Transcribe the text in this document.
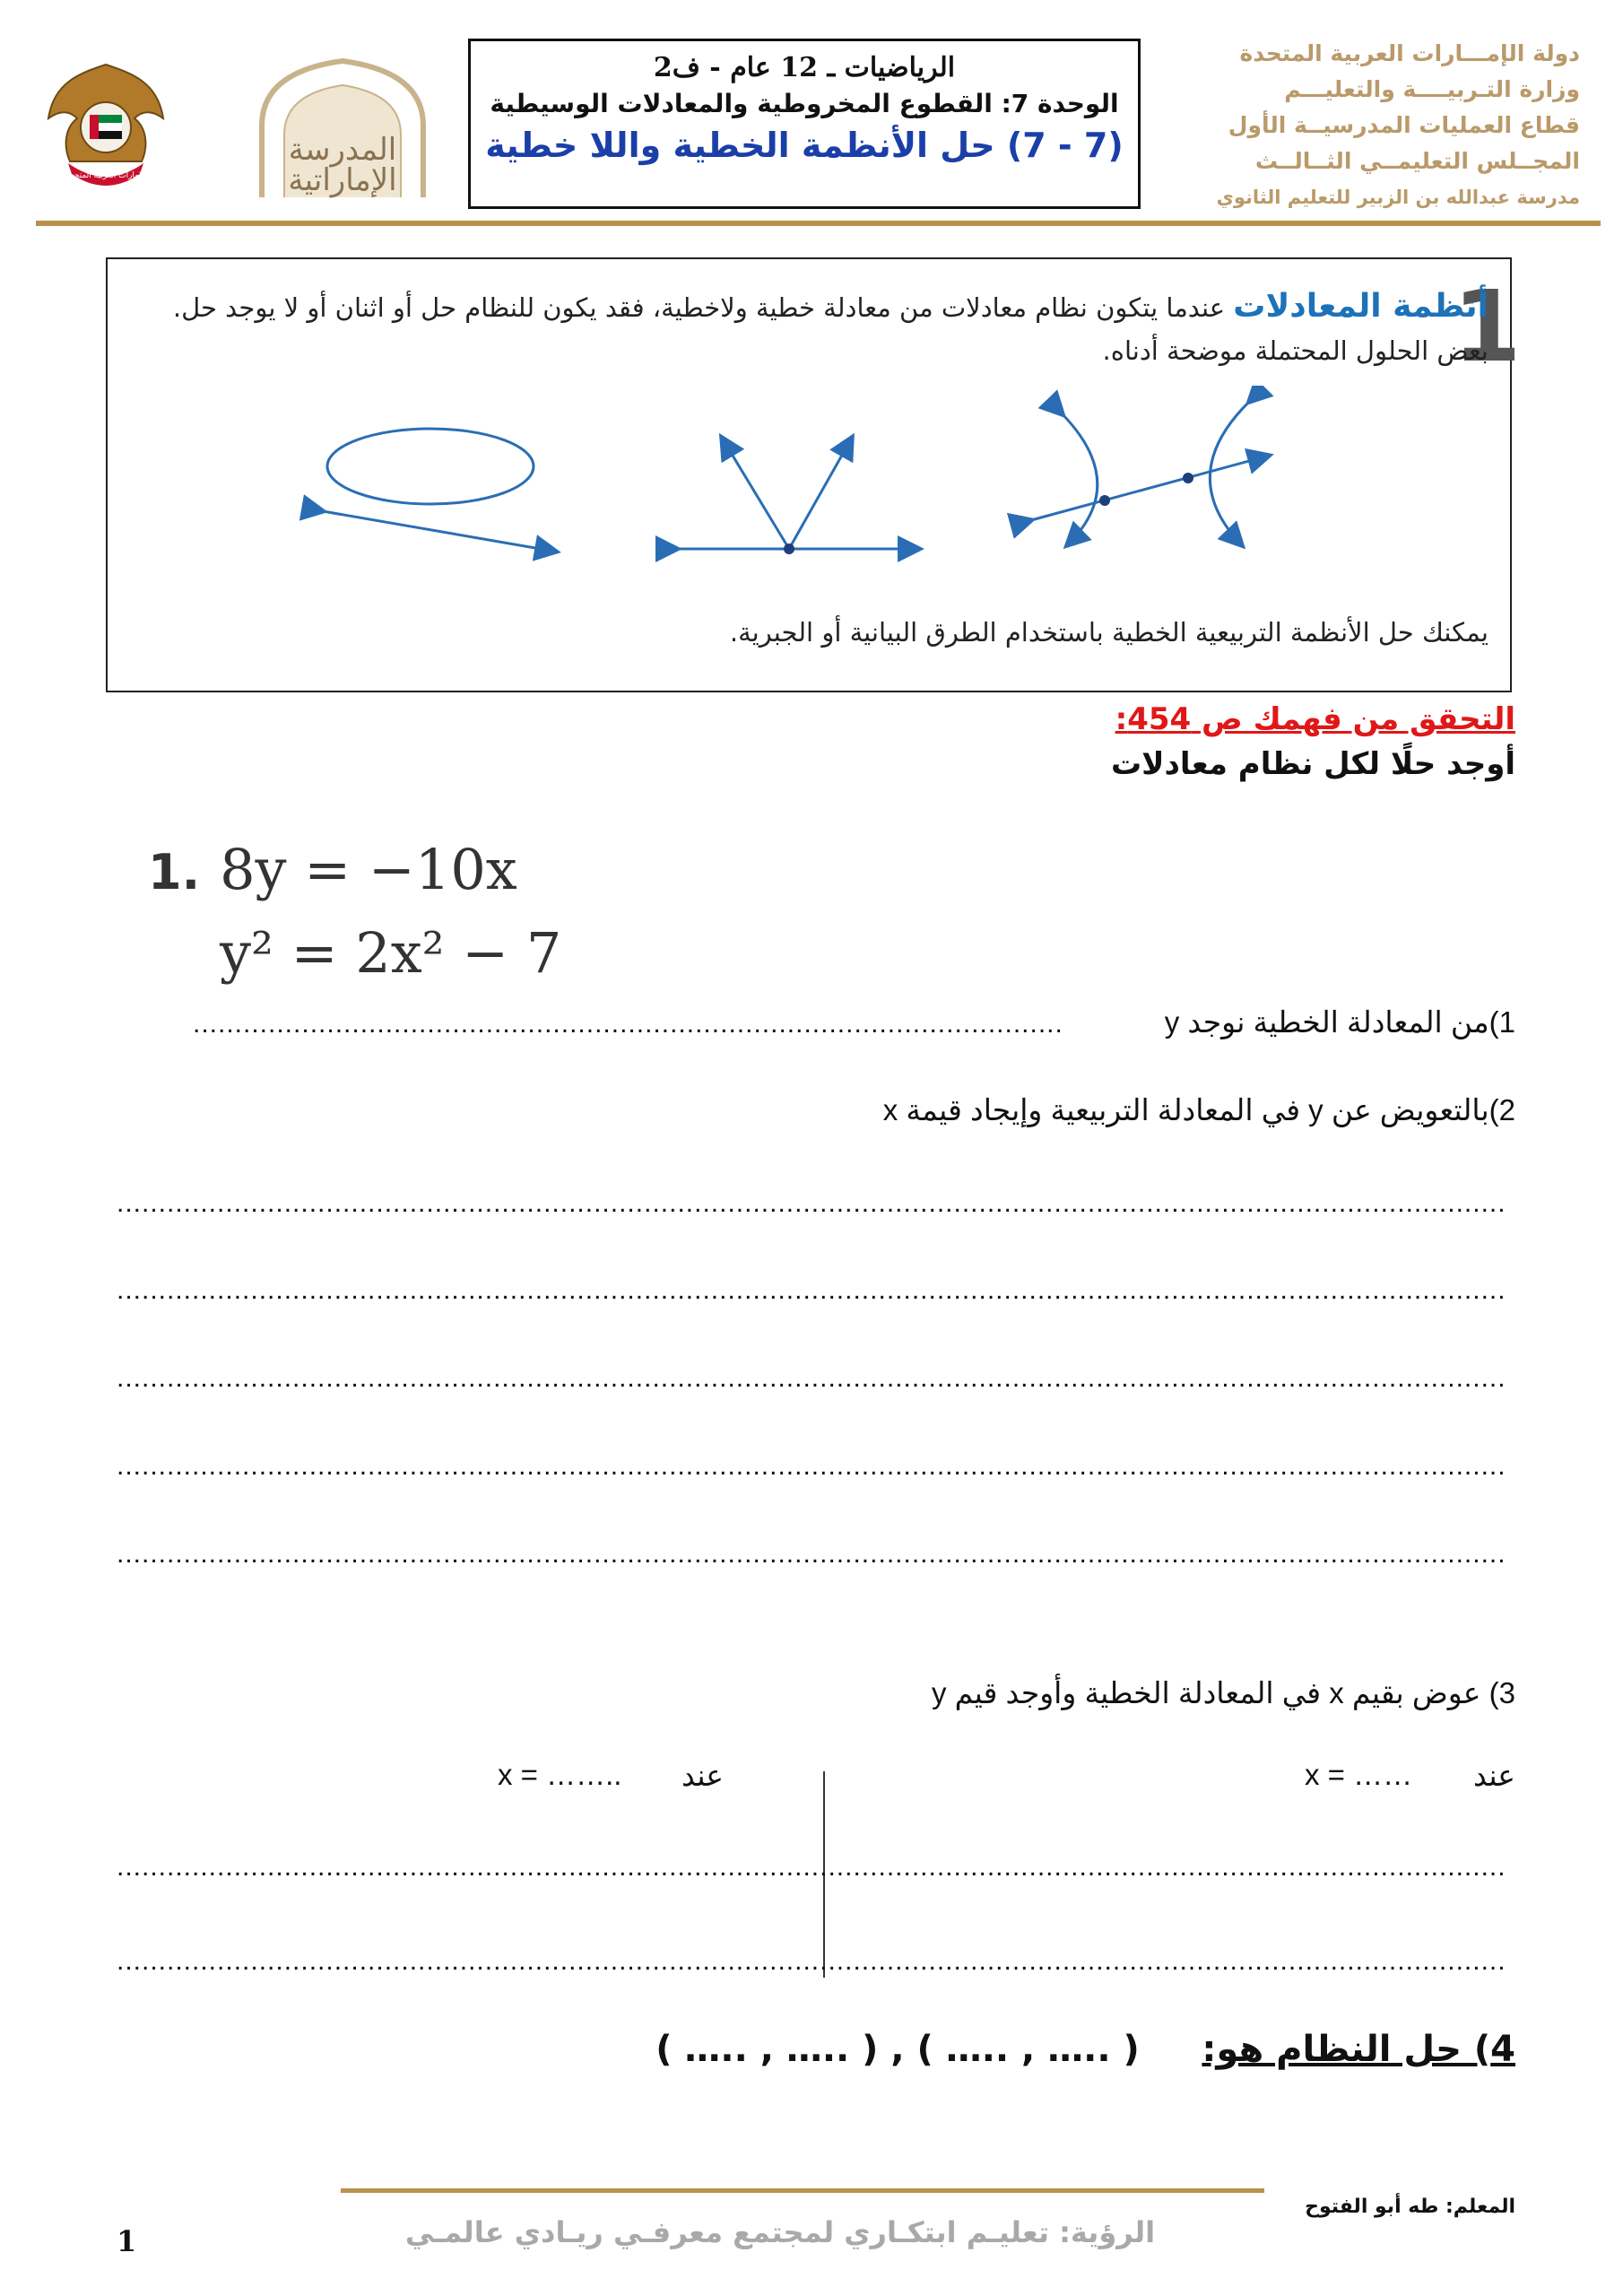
الإمارات العربية المتحدة
المدرسة
الإماراتية
الرياضيات ـ 12 عام - ف2
الوحدة 7: القطوع المخروطية والمعادلات الوسيطية
(7 - 7) حل الأنظمة الخطية واللا خطية
دولة الإمـــارات العربية المتحدة
وزارة التـربيــــة والتعليـــم
قطاع العمليات المدرسيــة الأول
المجــلس التعليمــي الثــالــث
مدرسة عبدالله بن الزبير للتعليم الثانوي
1
أنظمة المعادلات عندما يتكون نظام معادلات من معادلة خطية ولاخطية، فقد يكون للنظام حل أو اثنان أو لا يوجد حل. بعض الحلول المحتملة موضحة أدناه.
يمكنك حل الأنظمة التربيعية الخطية باستخدام الطرق البيانية أو الجبرية.
التحقق من فهمك ص 454:
أوجد حلًا لكل نظام معادلات
1. 8y = −10x
y² = 2x² − 7
1)من المعادلة الخطية نوجد y
........................................................................................................
2)بالتعويض عن y في المعادلة التربيعية وإيجاد قيمة x
......................................................................................................................................................................
......................................................................................................................................................................
......................................................................................................................................................................
......................................................................................................................................................................
......................................................................................................................................................................
3) عوض بقيم x في المعادلة الخطية وأوجد قيم y
عند
x = ……
عند
x = ……..
......................................................................................................................................................................
......................................................................................................................................................................
4) حل النظام هو:     ( ….. , ….. ) , ( ….. , ….. )
المعلم: طه أبو الفتوح
الرؤية: تعليـم ابتكـاري لمجتمع معرفـي ريـادي عالمـي
1
